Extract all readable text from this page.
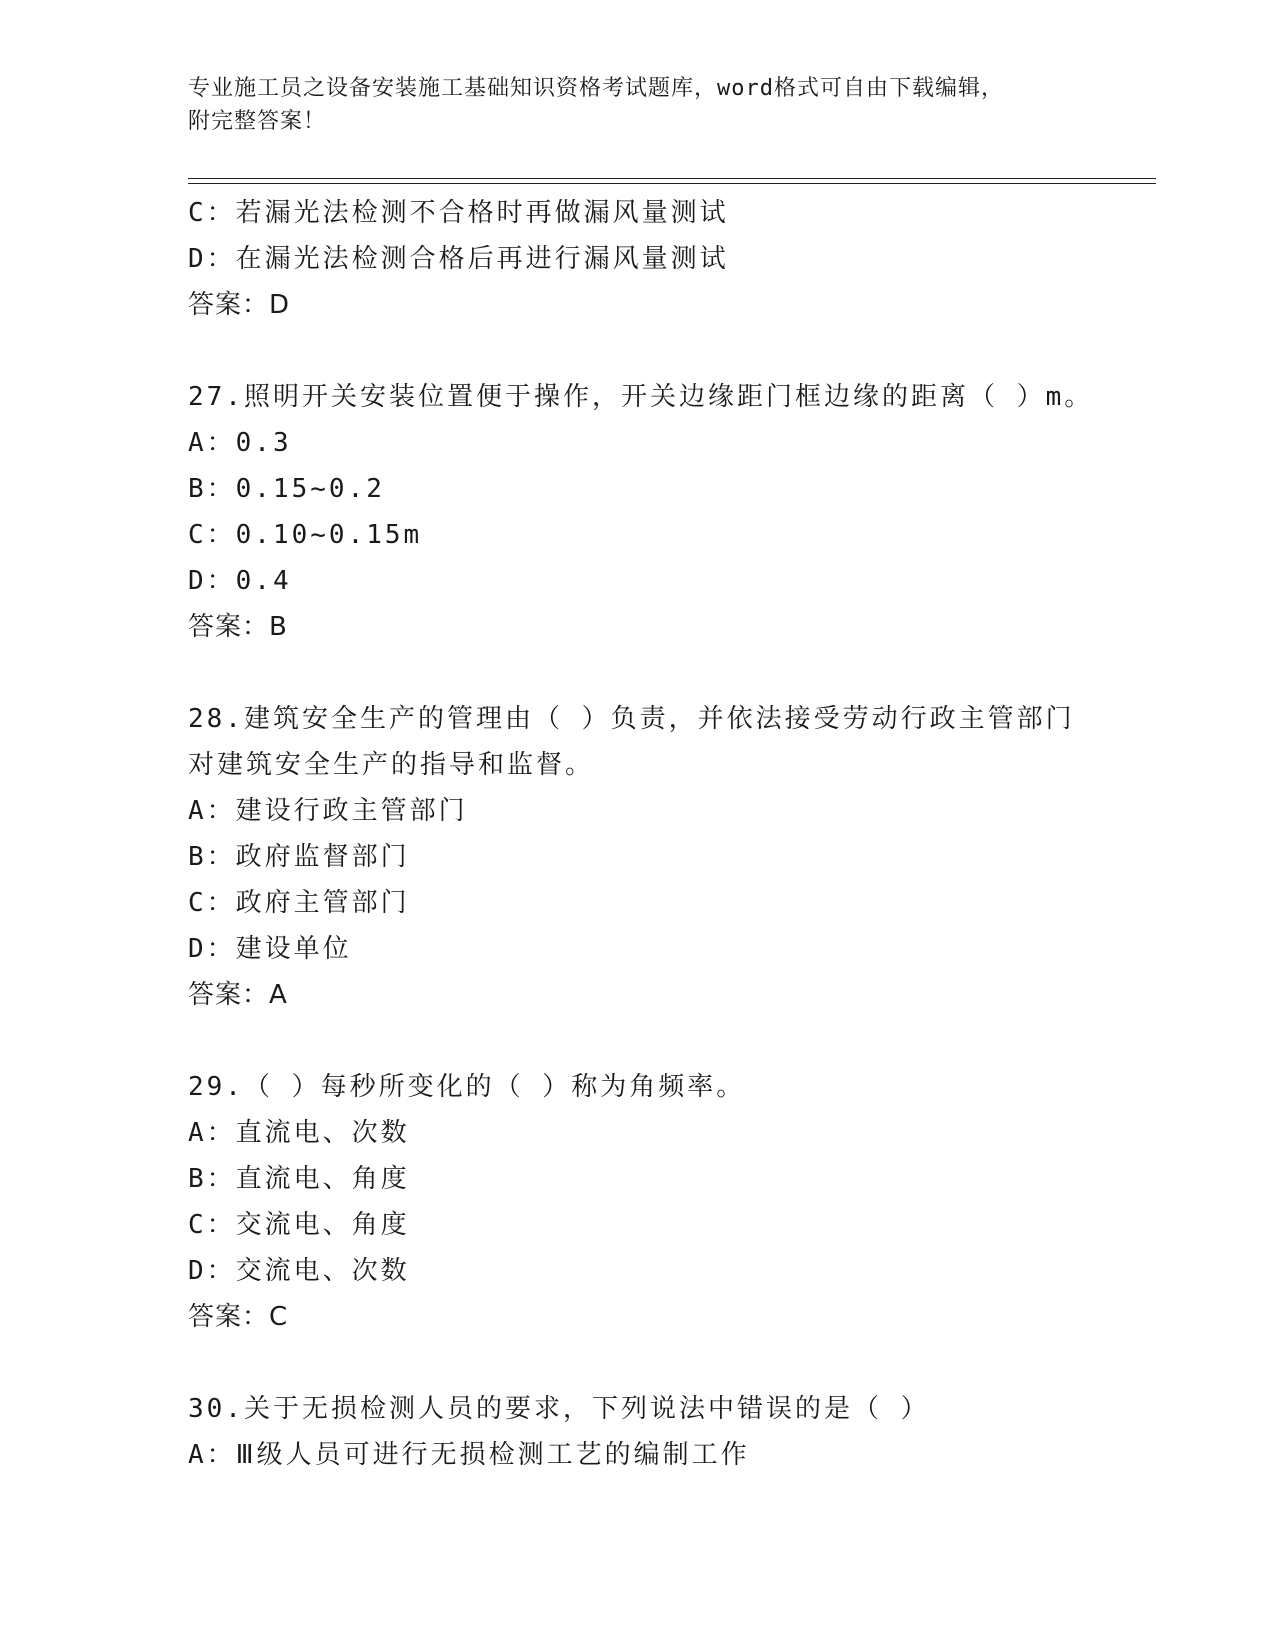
专业施工员之设备安装施工基础知识资格考试题库，word格式可自由下载编辑，
附完整答案！
C：若漏光法检测不合格时再做漏风量测试
D：在漏光法检测合格后再进行漏风量测试
答案：D
27.照明开关安装位置便于操作，开关边缘距门框边缘的距离（ ）m。
A：0.3
B：0.15~0.2
C：0.10~0.15m
D：0.4
答案：B
28.建筑安全生产的管理由（ ）负责，并依法接受劳动行政主管部门
对建筑安全生产的指导和监督。
A：建设行政主管部门
B：政府监督部门
C：政府主管部门
D：建设单位
答案：A
29.（ ）每秒所变化的（ ）称为角频率。
A：直流电、次数
B：直流电、角度
C：交流电、角度
D：交流电、次数
答案：C
30.关于无损检测人员的要求，下列说法中错误的是（ ）
A：Ⅲ级人员可进行无损检测工艺的编制工作
